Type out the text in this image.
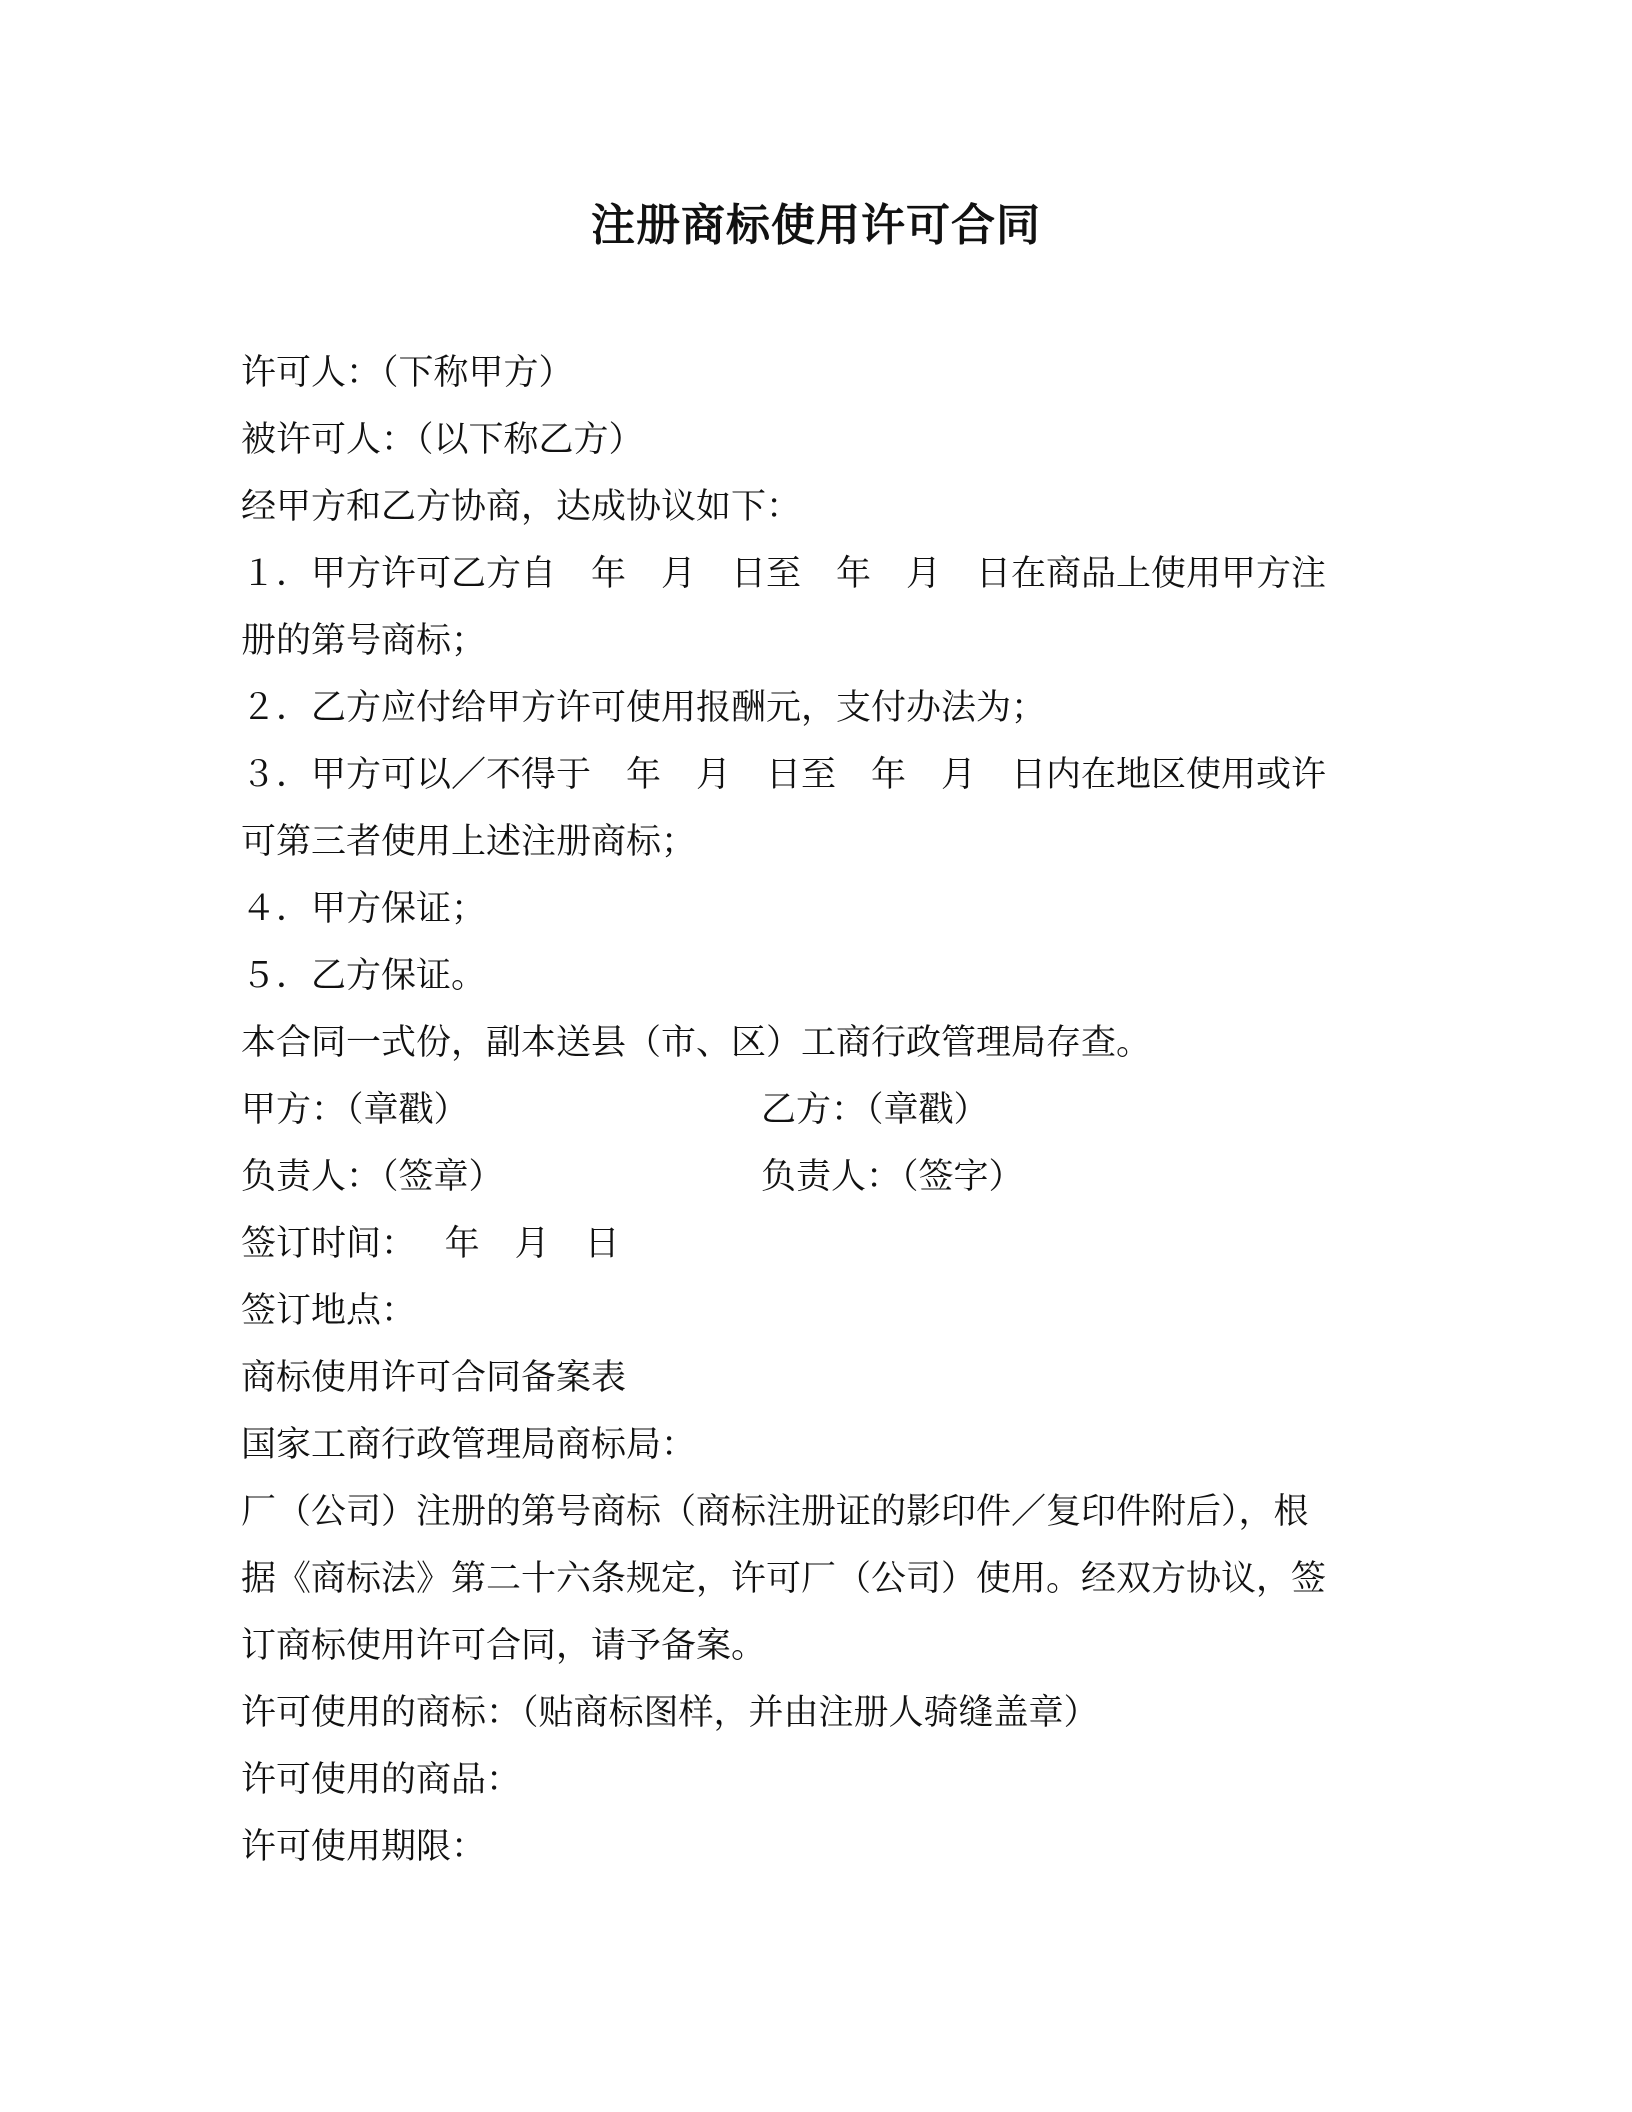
注册商标使用许可合同
许可人：（下称甲方）
被许可人：（以下称乙方）
经甲方和乙方协商，达成协议如下：
１．甲方许可乙方自　年　月　日至　年　月　日在商品上使用甲方注
册的第号商标；
２．乙方应付给甲方许可使用报酬元，支付办法为；
３．甲方可以／不得于　年　月　日至　年　月　日内在地区使用或许
可第三者使用上述注册商标；
４．甲方保证；
５．乙方保证。
本合同一式份，副本送县（市、区）工商行政管理局存查。
甲方：（章戳）	乙方：（章戳）
负责人：（签章）	负责人：（签字）
签订时间：　 年　月　日
签订地点：
商标使用许可合同备案表
国家工商行政管理局商标局：
厂（公司）注册的第号商标（商标注册证的影印件／复印件附后），根
据《商标法》第二十六条规定，许可厂（公司）使用。经双方协议，签
订商标使用许可合同，请予备案。
许可使用的商标：（贴商标图样，并由注册人骑缝盖章）
许可使用的商品：
许可使用期限：
